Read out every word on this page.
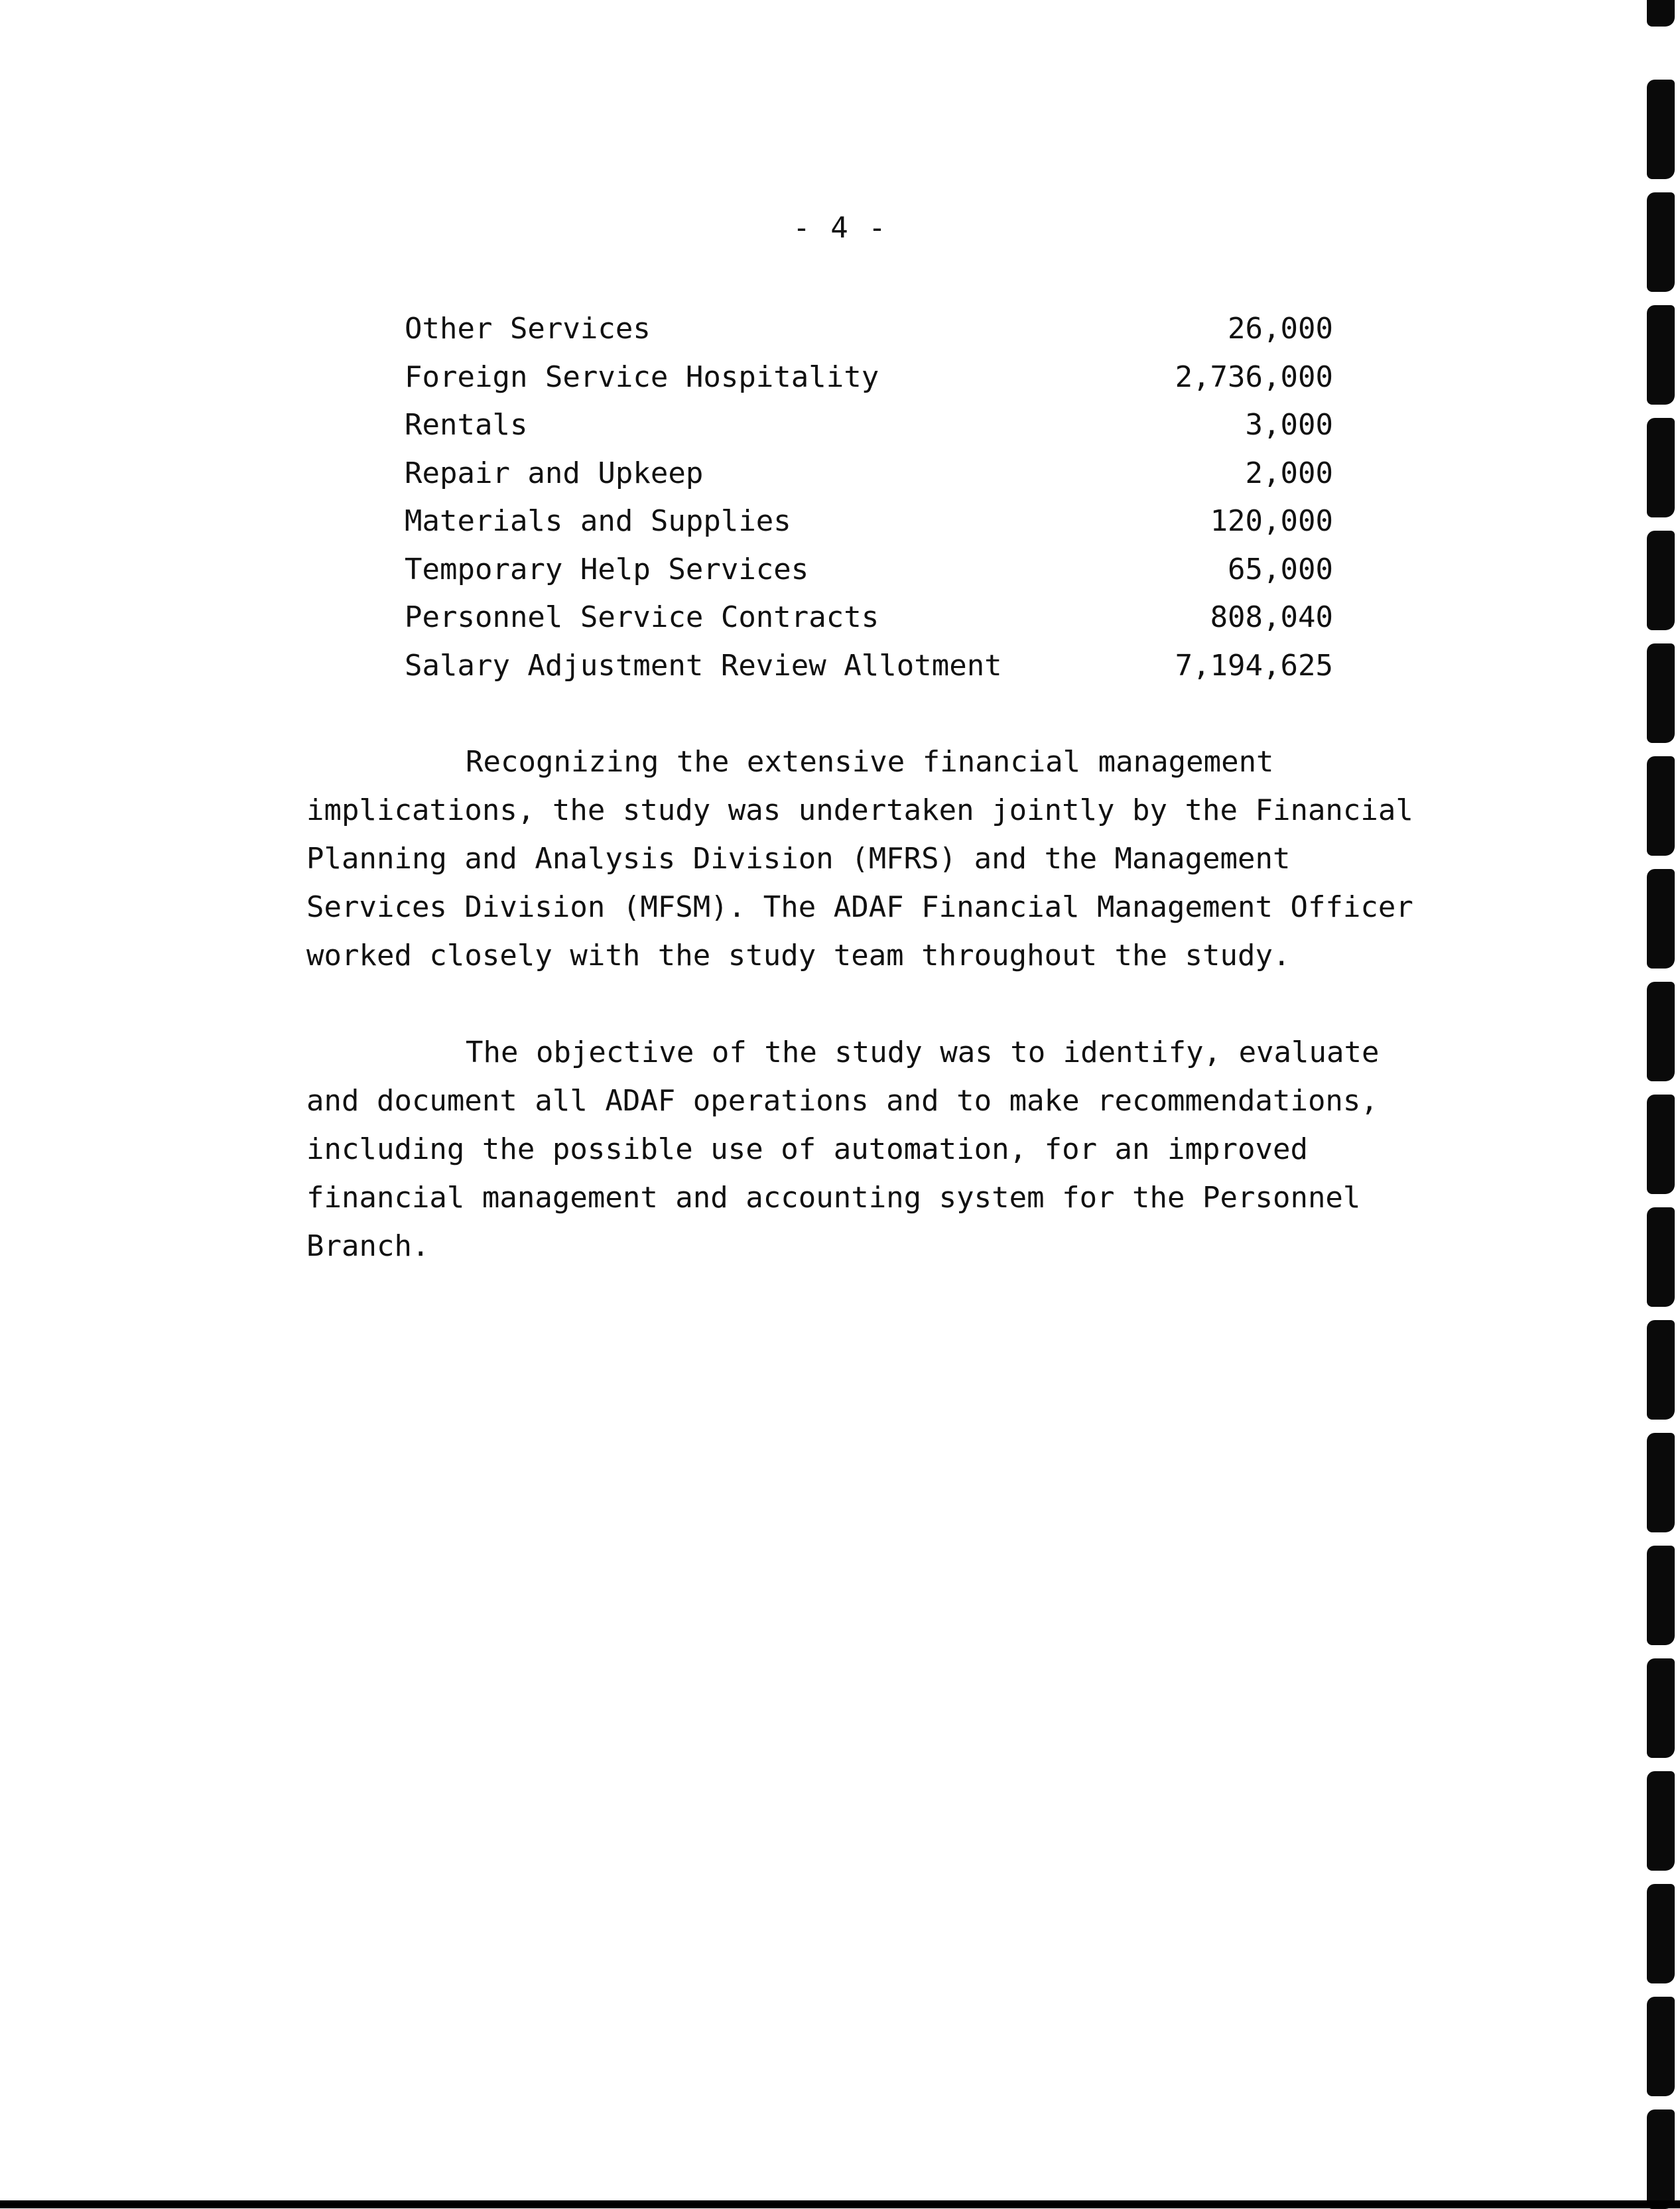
- 4 -
Other Services	26,000
Foreign Service Hospitality	2,736,000
Rentals	3,000
Repair and Upkeep	2,000
Materials and Supplies	120,000
Temporary Help Services	65,000
Personnel Service Contracts	808,040
Salary Adjustment Review Allotment	7,194,625

Recognizing the extensive financial management implications, the study was undertaken jointly by the Financial Planning and Analysis Division (MFRS) and the Management Services Division (MFSM). The ADAF Financial Management Officer worked closely with the study team throughout the study.

The objective of the study was to identify, evaluate and document all ADAF operations and to make recommendations, including the possible use of automation, for an improved financial management and accounting system for the Personnel Branch.
